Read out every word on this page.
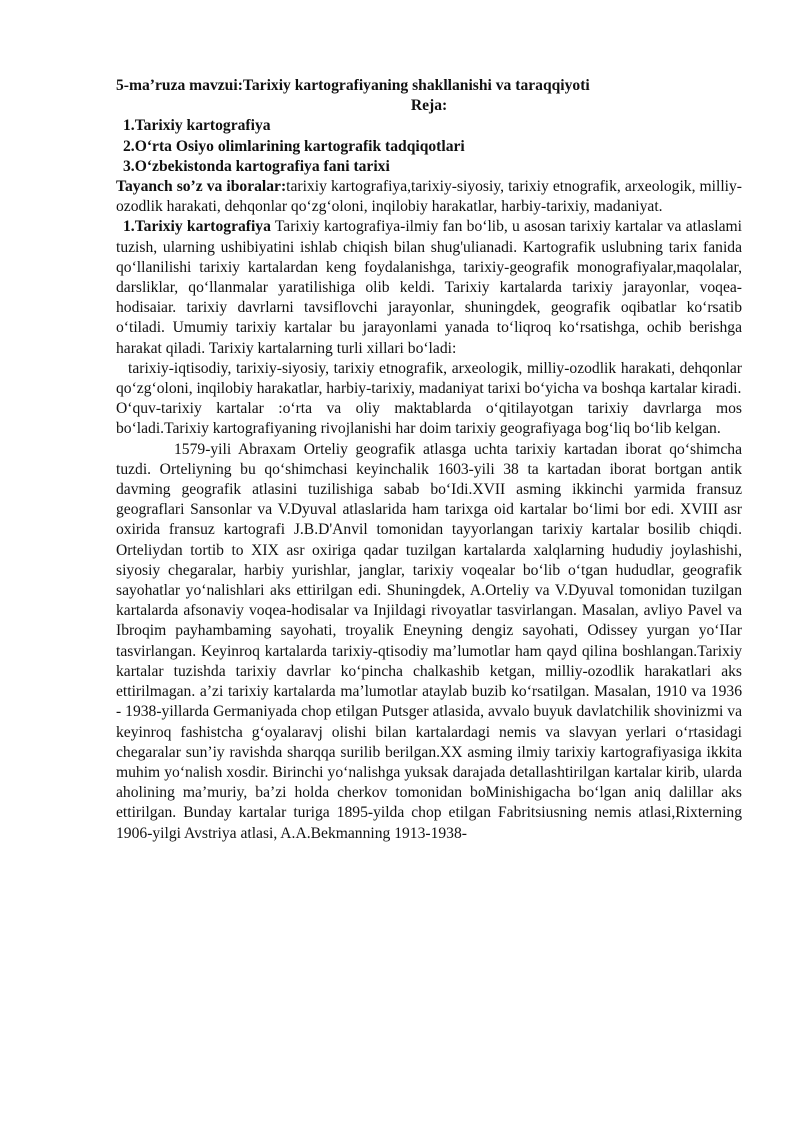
5-ma’ruza mavzui:Tarixiy kartografiyaning shakllanishi va taraqqiyoti

Reja:

1.Tarixiy kartografiya

2.O‘rta Osiyo olimlarining kartografik tadqiqotlari

3.O‘zbekistonda kartografiya fani tarixi

Tayanch so’z va iboralar:tarixiy kartografiya,tarixiy-siyosiy, tarixiy etnografik, arxeologik, milliy-ozodlik harakati, dehqonlar qo‘zg‘oloni, inqilobiy harakatlar, harbiy-tarixiy, madaniyat.

1.Tarixiy kartografiya Tarixiy kartografiya-ilmiy fan bo‘lib, u asosan tarixiy kartalar va atlaslami tuzish, ularning ushibiyatini ishlab chiqish bilan shug'ulianadi. Kartografik uslubning tarix fanida qo‘llanilishi tarixiy kartalardan keng foydalanishga, tarixiy-geografik monografiyalar,maqolalar, darsliklar, qo‘llanmalar yaratilishiga olib keldi. Tarixiy kartalarda tarixiy jarayonlar, voqea-hodisaiar. tarixiy davrlarni tavsiflovchi jarayonlar, shuningdek, geografik oqibatlar ko‘rsatib o‘tiladi. Umumiy tarixiy kartalar bu jarayonlami yanada to‘liqroq ko‘rsatishga, ochib berishga harakat qiladi. Tarixiy kartalarning turli xillari bo‘ladi:

tarixiy-iqtisodiy, tarixiy-siyosiy, tarixiy etnografik, arxeologik, milliy-ozodlik harakati, dehqonlar qo‘zg‘oloni, inqilobiy harakatlar, harbiy-tarixiy, madaniyat tarixi bo‘yicha va boshqa kartalar kiradi.

O‘quv-tarixiy kartalar :o‘rta va oliy maktablarda o‘qitilayotgan tarixiy davrlarga mos bo‘ladi.Tarixiy kartografiyaning rivojlanishi har doim tarixiy geografiyaga bog‘liq bo‘lib kelgan.

1579-yili Abraxam Orteliy geografik atlasga uchta tarixiy kartadan iborat qo‘shimcha tuzdi. Orteliyning bu qo‘shimchasi keyinchalik 1603-yili 38 ta kartadan iborat bortgan antik davming geografik atlasini tuzilishiga sabab bo‘Idi.XVII asming ikkinchi yarmida fransuz geograflari Sansonlar va V.Dyuval atlaslarida ham tarixga oid kartalar bo‘limi bor edi. XVIII asr oxirida fransuz kartografi J.B.D'Anvil tomonidan tayyorlangan tarixiy kartalar bosilib chiqdi. Orteliydan tortib to XIX asr oxiriga qadar tuzilgan kartalarda xalqlarning hududiy joylashishi, siyosiy chegaralar, harbiy yurishlar, janglar, tarixiy voqealar bo‘lib o‘tgan hududlar, geografik sayohatlar yo‘nalishlari aks ettirilgan edi. Shuningdek, A.Orteliy va V.Dyuval tomonidan tuzilgan kartalarda afsonaviy voqea-hodisalar va Injildagi rivoyatlar tasvirlangan. Masalan, avliyo Pavel va Ibroqim payhambaming sayohati, troyalik Eneyning dengiz sayohati, Odissey yurgan yo‘IIar tasvirlangan. Keyinroq kartalarda tarixiy-qtisodiy ma’lumotlar ham qayd qilina boshlangan.Tarixiy kartalar tuzishda tarixiy davrlar ko‘pincha chalkashib ketgan, milliy-ozodlik harakatlari aks ettirilmagan. a’zi tarixiy kartalarda ma’lumotlar ataylab buzib ko‘rsatilgan. Masalan, 1910 va 1936 - 1938-yillarda Germaniyada chop etilgan Putsger atlasida, avvalo buyuk davlatchilik shovinizmi va keyinroq fashistcha g‘oyalaravj olishi bilan kartalardagi nemis va slavyan yerlari o‘rtasidagi chegaralar sun’iy ravishda sharqqa surilib berilgan.XX asming ilmiy tarixiy kartografiyasiga ikkita muhim yo‘nalish xosdir. Birinchi yo‘nalishga yuksak darajada detallashtirilgan kartalar kirib, ularda aholining ma’muriy, ba’zi holda cherkov tomonidan boMinishigacha bo‘lgan aniq dalillar aks ettirilgan. Bunday kartalar turiga 1895-yilda chop etilgan Fabritsiusning nemis atlasi,Rixterning 1906-yilgi Avstriya atlasi, A.A.Bekmanning 1913-1938-
